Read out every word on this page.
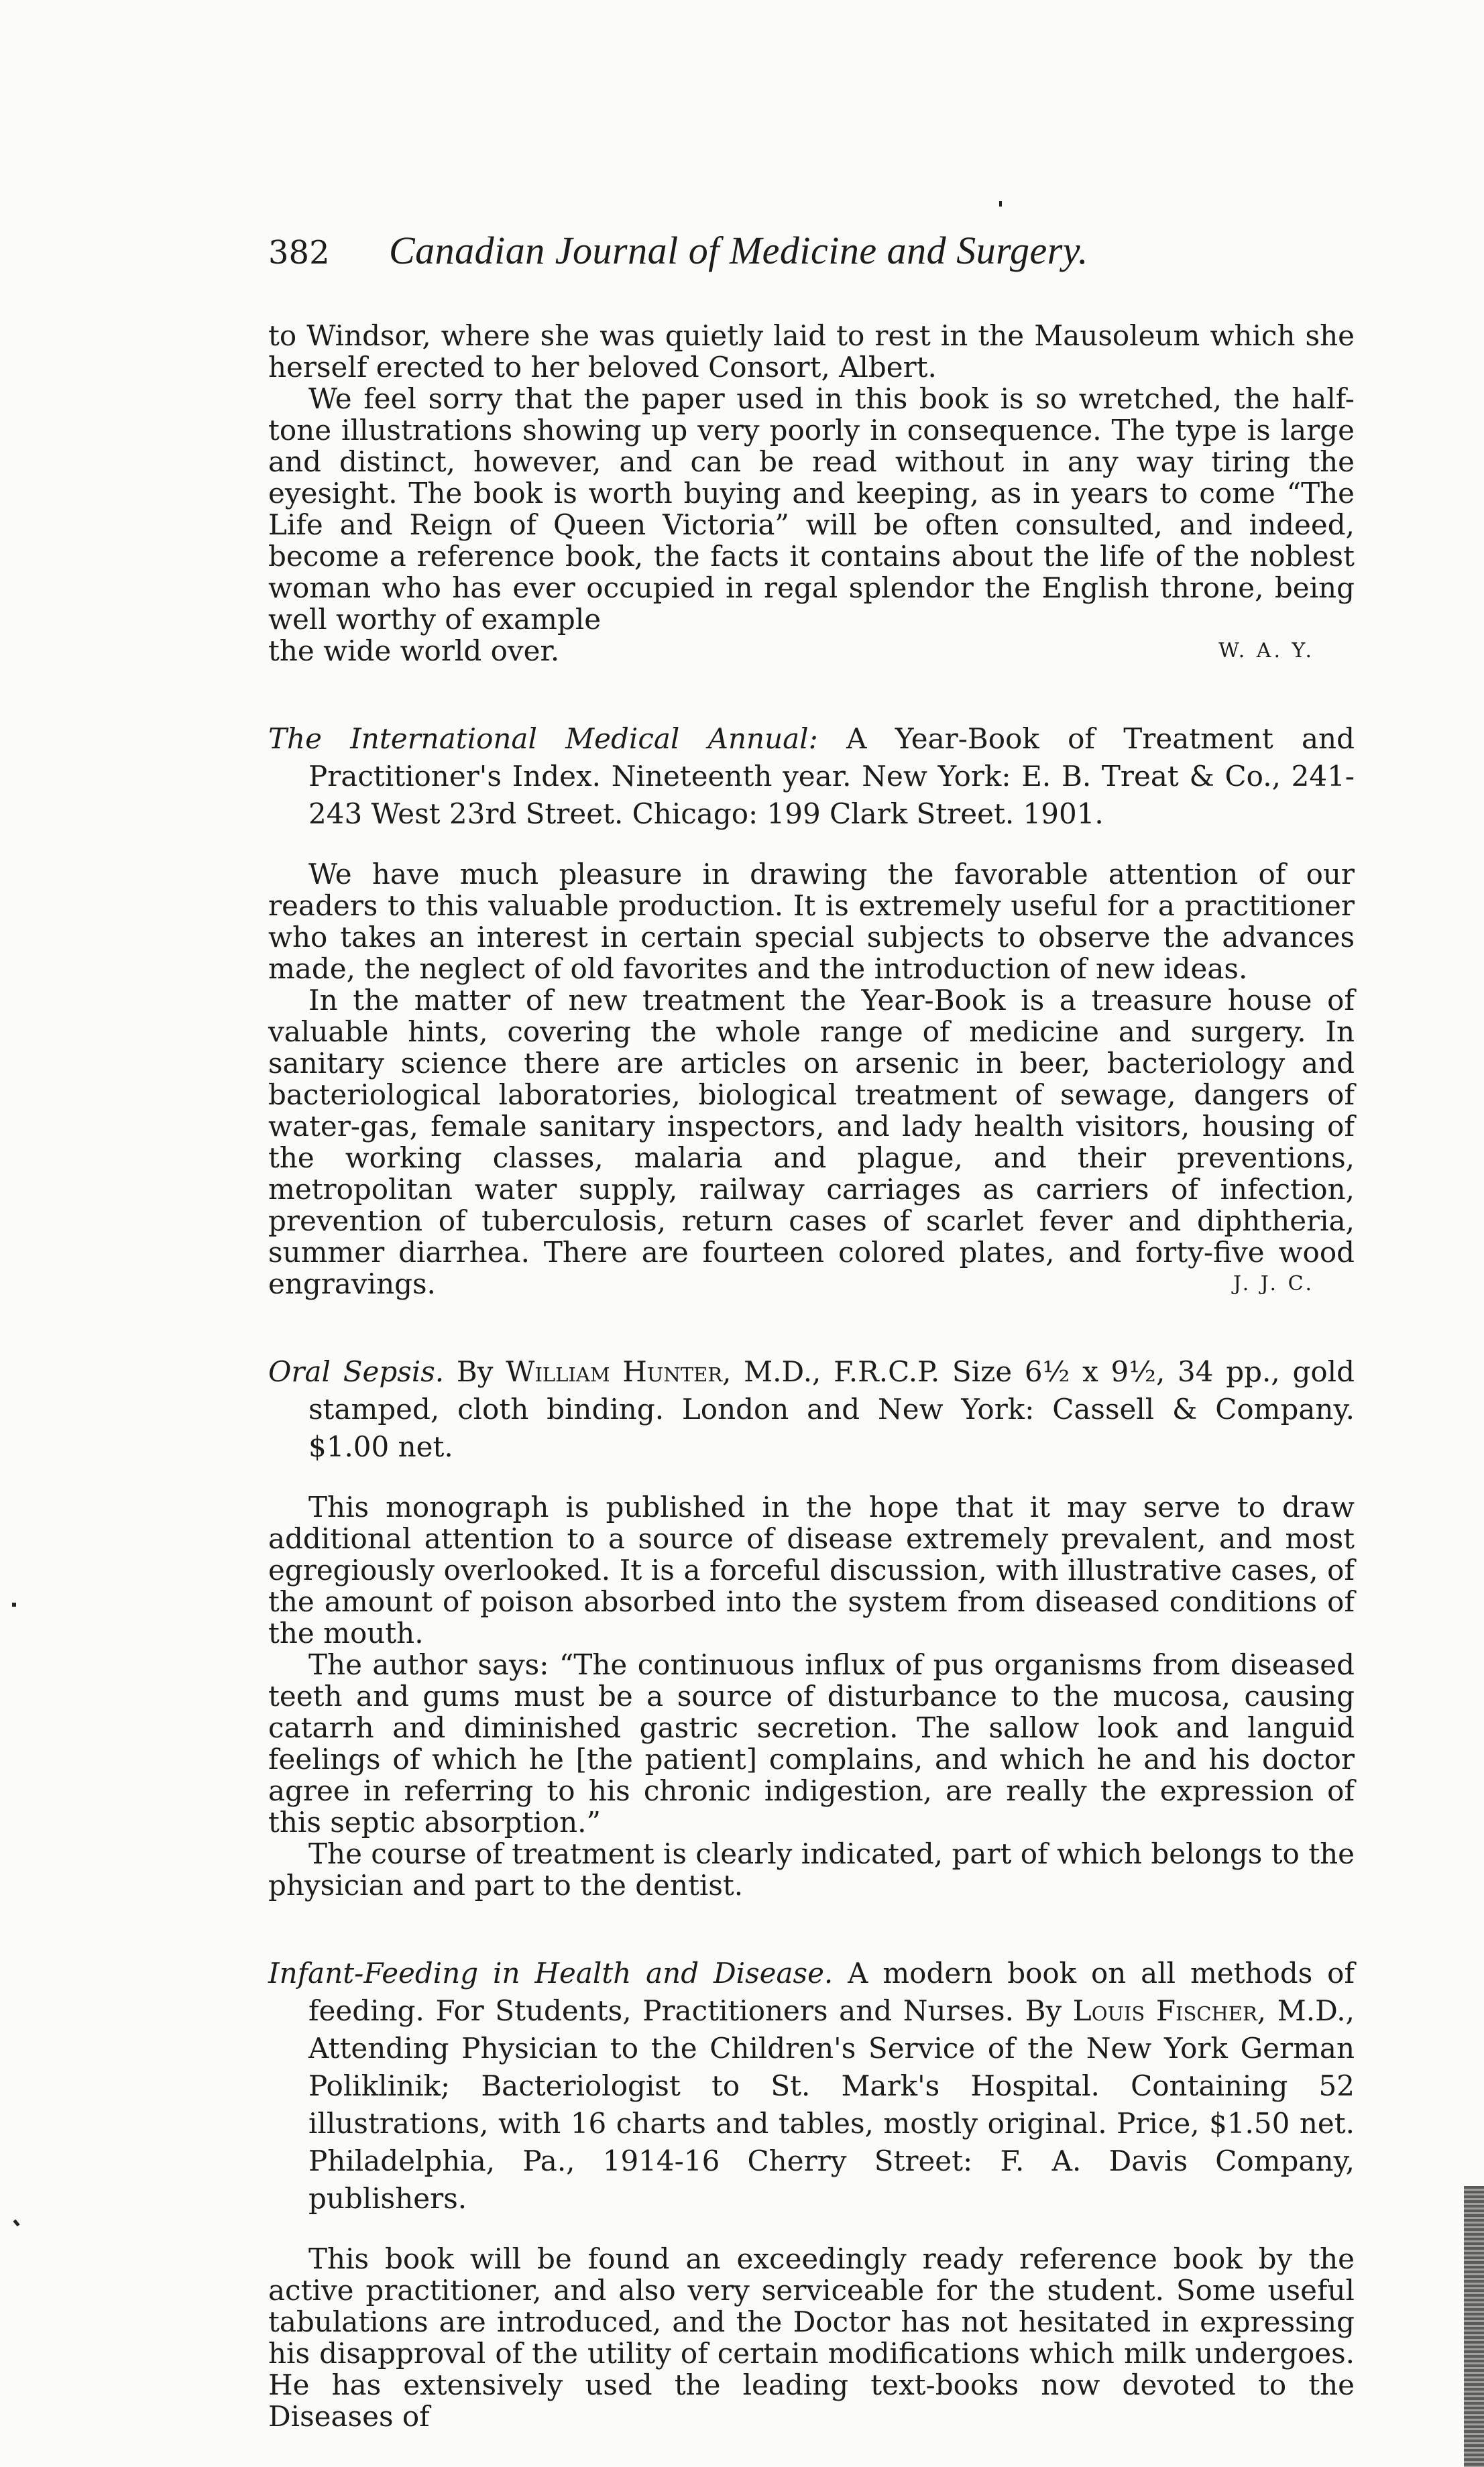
382	Canadian Journal of Medicine and Surgery.

to Windsor, where she was quietly laid to rest in the Mausoleum which she herself erected to her beloved Consort, Albert.

We feel sorry that the paper used in this book is so wretched, the half-tone illustrations showing up very poorly in consequence. The type is large and distinct, however, and can be read without in any way tiring the eyesight. The book is worth buying and keeping, as in years to come “The Life and Reign of Queen Victoria” will be often consulted, and indeed, become a reference book, the facts it contains about the life of the noblest woman who has ever occupied in regal splendor the English throne, being well worthy of example

the wide world over.	W. A. Y.

The International Medical Annual: A Year-Book of Treatment and Practitioner's Index. Nineteenth year. New York: E. B. Treat & Co., 241-243 West 23rd Street. Chicago: 199 Clark Street. 1901.

We have much pleasure in drawing the favorable attention of our readers to this valuable production. It is extremely useful for a practitioner who takes an interest in certain special subjects to observe the advances made, the neglect of old favorites and the introduction of new ideas.

In the matter of new treatment the Year-Book is a treasure house of valuable hints, covering the whole range of medicine and surgery. In sanitary science there are articles on arsenic in beer, bacteriology and bacteriological laboratories, biological treatment of sewage, dangers of water-gas, female sanitary inspectors, and lady health visitors, housing of the working classes, malaria and plague, and their preventions, metropolitan water supply, railway carriages as carriers of infection, prevention of tuberculosis, return cases of scarlet fever and diphtheria, summer diarrhea. There are fourteen colored plates, and forty-five wood engravings.	J. J. C.

Oral Sepsis. By William Hunter, M.D., F.R.C.P. Size 6½ x 9½, 34 pp., gold stamped, cloth binding. London and New York: Cassell & Company. $1.00 net.

This monograph is published in the hope that it may serve to draw additional attention to a source of disease extremely prevalent, and most egregiously overlooked. It is a forceful discussion, with illustrative cases, of the amount of poison absorbed into the system from diseased conditions of the mouth.

The author says: “The continuous influx of pus organisms from diseased teeth and gums must be a source of disturbance to the mucosa, causing catarrh and diminished gastric secretion. The sallow look and languid feelings of which he [the patient] complains, and which he and his doctor agree in referring to his chronic indigestion, are really the expression of this septic absorption.”

The course of treatment is clearly indicated, part of which belongs to the physician and part to the dentist.

Infant-Feeding in Health and Disease. A modern book on all methods of feeding. For Students, Practitioners and Nurses. By Louis Fischer, M.D., Attending Physician to the Children's Service of the New York German Poliklinik; Bacteriologist to St. Mark's Hospital. Containing 52 illustrations, with 16 charts and tables, mostly original. Price, $1.50 net. Philadelphia, Pa., 1914-16 Cherry Street: F. A. Davis Company, publishers.

This book will be found an exceedingly ready reference book by the active practitioner, and also very serviceable for the student. Some useful tabulations are introduced, and the Doctor has not hesitated in expressing his disapproval of the utility of certain modifications which milk undergoes. He has extensively used the leading text-books now devoted to the Diseases of
